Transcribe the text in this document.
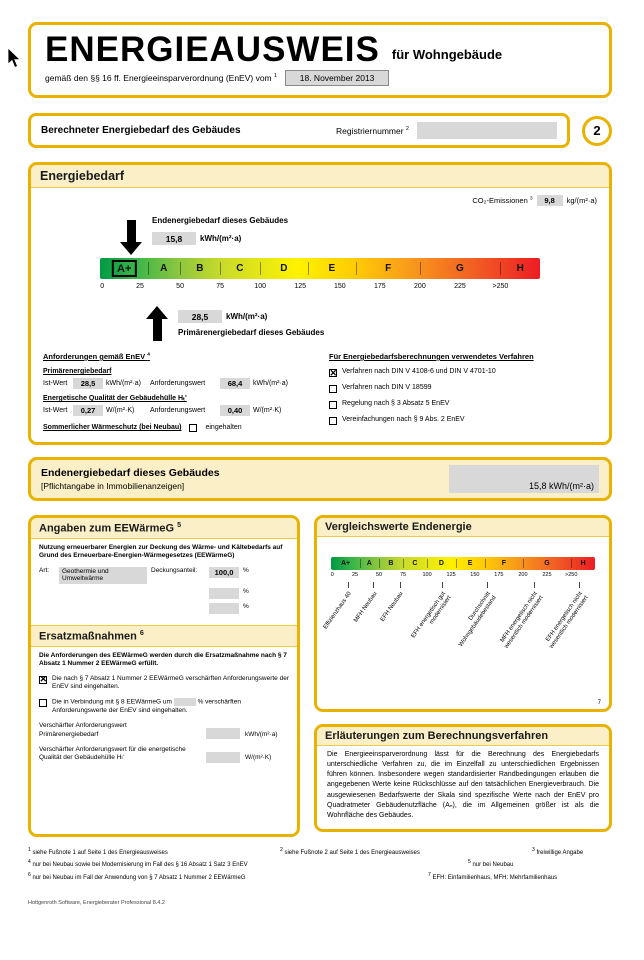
ENERGIEAUSWEIS für Wohngebäude
gemäß den §§ 16 ff. Energieeinsparverordnung (EnEV) vom $^1$	18. November 2013
Berechneter Energiebedarf des Gebäudes	Registriernummer $^2$	2
Energiebedarf
CO₂-Emissionen $^3$	9,8	kg/(m²·a)
Endenergiebedarf dieses Gebäudes
15,8	kWh/(m²·a)
A+	A	B	C	D	E	F	G	H
0	25	50	75	100	125	150	175	200	225	>250
28,5	kWh/(m²·a)
Primärenergiebedarf dieses Gebäudes
Anforderungen gemäß EnEV $^4$
Primärenergiebedarf
Ist-Wert	28,5	kWh/(m²·a)	Anforderungswert	68,4	kWh/(m²·a)
Energetische Qualität der Gebäudehülle Hₜ'
Ist-Wert	0,27	W/(m²·K)	Anforderungswert	0,40	W/(m²·K)
Sommerlicher Wärmeschutz (bei Neubau)	eingehalten
Für Energiebedarfsberechnungen verwendetes Verfahren
✕
Verfahren nach DIN V 4108-6 und DIN V 4701-10
Verfahren nach DIN V 18599
Regelung nach § 3 Absatz 5 EnEV
Vereinfachungen nach § 9 Abs. 2 EnEV
Endenergiebedarf dieses Gebäudes
[Pflichtangabe in Immobilienanzeigen]	15,8 kWh/(m²·a)
Angaben zum EEWärmeG $^5$

Nutzung erneuerbarer Energien zur Deckung des Wärme- und Kältebedarfs auf Grund des Erneuerbare-Energien-Wärmegesetzes (EEWärmeG)

Art:	Geothermie und Umweltwärme
Deckungsanteil:	100,0	%
%
%
Ersatzmaßnahmen $^6$

Die Anforderungen des EEWärmeG werden durch die Ersatzmaßnahme nach § 7 Absatz 1 Nummer 2 EEWärmeG erfüllt.

✕
Die nach § 7 Absatz 1 Nummer 2 EEWärmeG verschärften Anforderungswerte der EnEV sind eingehalten.
Die in Verbindung mit § 8 EEWärmeG um	% verschärften Anforderungswerte der EnEV sind eingehalten.
Verschärfter Anforderungswert
Primärenergiebedarf	kWh/(m²·a)
Verschärfter Anforderungswert für die energetische Qualität der Gebäudehülle Hₜ'	W/(m²·K)
Vergleichswerte Endenergie
A+ A B	C	D	E	F	G	H
0	25	50	75	100	125	150	175	200	225 >250
Effizienzhaus 40 MFH Neubau EFH Neubau EFH energetisch gut modernisiert	Durchschnitt Wohngebäudebestand MFH energetisch nicht wesentlich modernisiert EFH energetisch nicht wesentlich modernisiert
7
Erläuterungen zum Berechnungsverfahren

Die Energieeinsparverordnung lässt für die Berechnung des Energiebedarfs unterschiedliche Verfahren zu, die im Einzelfall zu unterschiedlichen Ergebnissen führen können. Insbesondere wegen standardisierter Randbedingungen erlauben die angegebenen Werte keine Rückschlüsse auf den tatsächlichen Energieverbrauch. Die ausgewiesenen Bedarfswerte der Skala sind spezifische Werte nach der EnEV pro Quadratmeter Gebäudenutzfläche (Aₙ), die im Allgemeinen größer ist als die Wohnfläche des Gebäudes.

$^1$ siehe Fußnote 1 auf Seite 1 des Energieausweises	$^2$ siehe Fußnote 2 auf Seite 1 des Energieausweises	$^3$ freiwillige Angabe
$^4$ nur bei Neubau sowie bei Modernisierung im Fall des § 16 Absatz 1 Satz 3 EnEV	$^5$ nur bei Neubau
$^6$ nur bei Neubau im Fall der Anwendung von § 7 Absatz 1 Nummer 2 EEWärmeG	$^7$ EFH: Einfamilienhaus, MFH: Mehrfamilienhaus
Hottgenroth Software, Energieberater Professional 8.4.2
